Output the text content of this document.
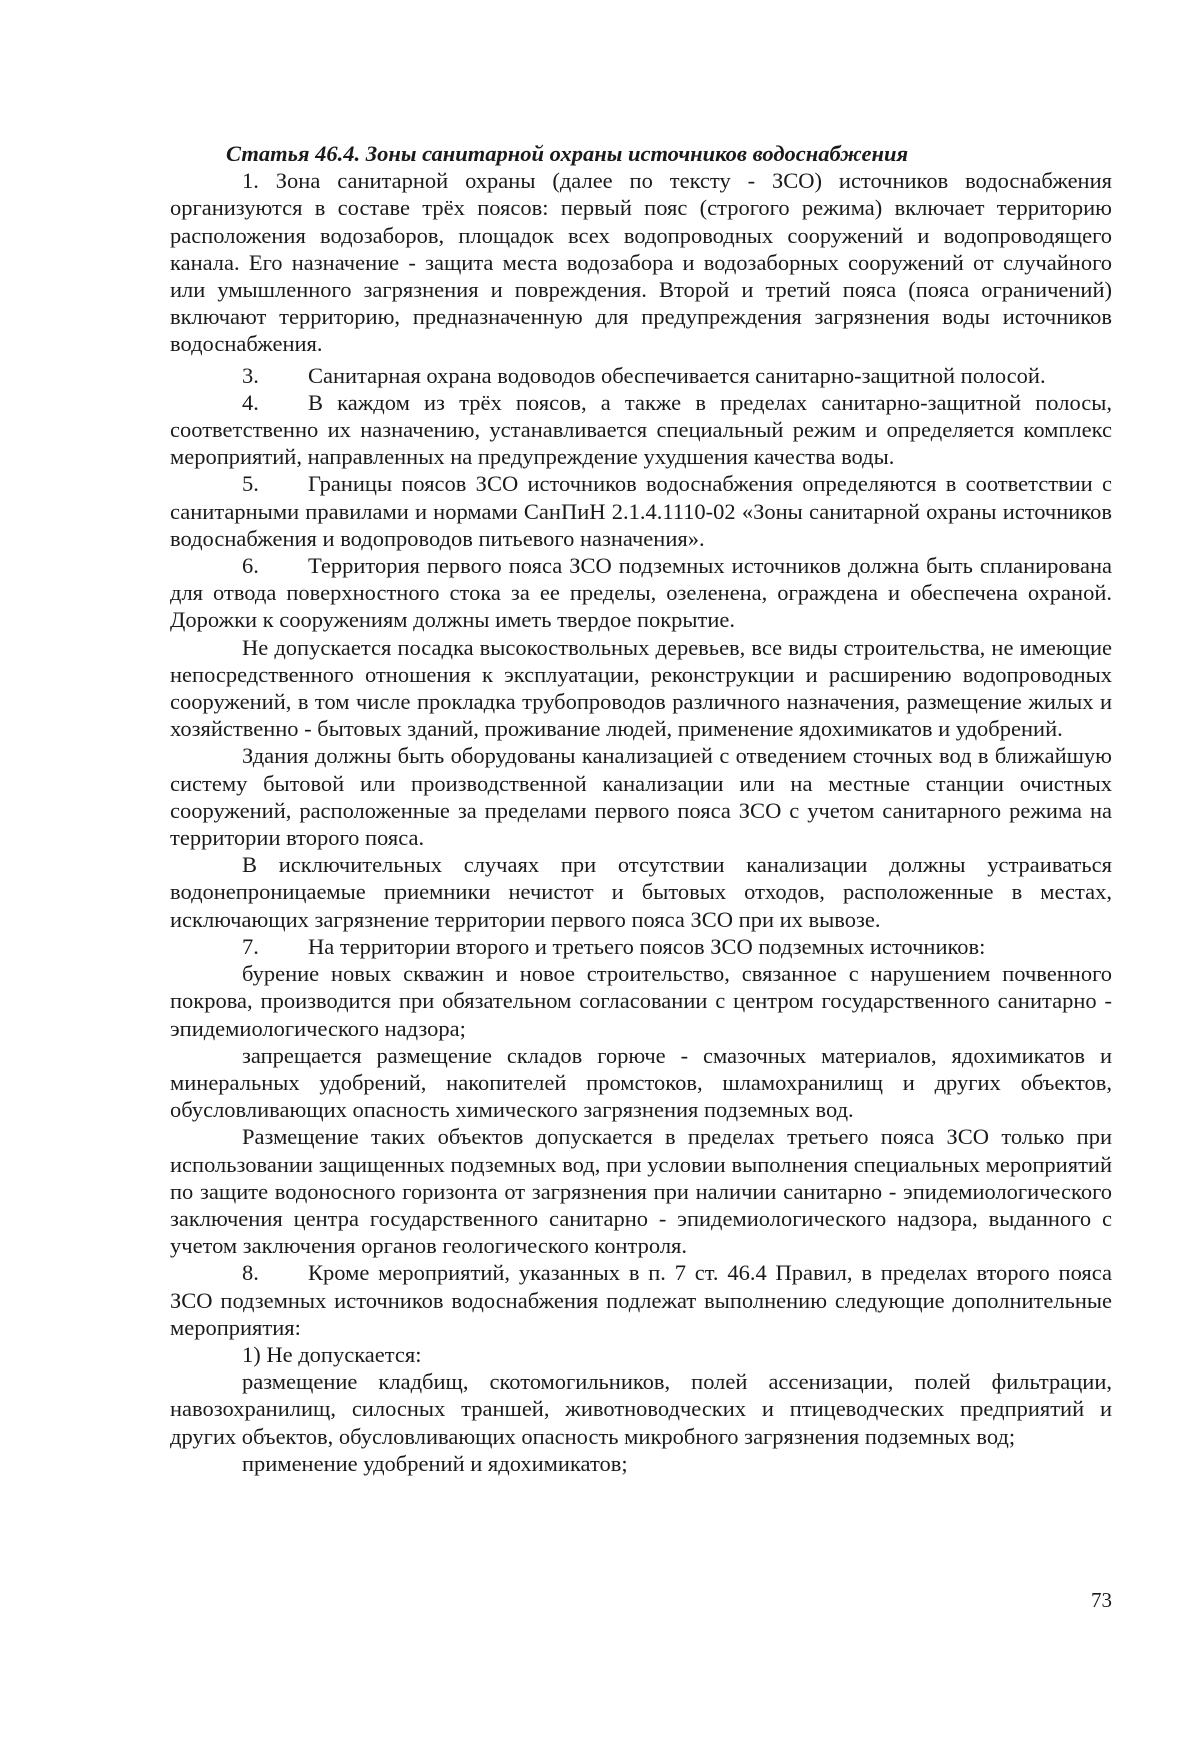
Статья 46.4. Зоны санитарной охраны источников водоснабжения

1. Зона санитарной охраны (далее по тексту - ЗСО) источников водоснабжения организуются в составе трёх поясов: первый пояс (строгого режима) включает территорию расположения водозаборов, площадок всех водопроводных сооружений и водопроводящего канала. Его назначение - защита места водозабора и водозаборных сооружений от случайного или умышленного загрязнения и повреждения. Второй и третий пояса (пояса ограничений) включают территорию, предназначенную для предупреждения загрязнения воды источников водоснабжения.

3. Санитарная охрана водоводов обеспечивается санитарно-защитной полосой.

4. В каждом из трёх поясов, а также в пределах санитарно-защитной полосы, соответственно их назначению, устанавливается специальный режим и определяется комплекс мероприятий, направленных на предупреждение ухудшения качества воды.

5. Границы поясов ЗСО источников водоснабжения определяются в соответствии с санитарными правилами и нормами СанПиН 2.1.4.1110-02 «Зоны санитарной охраны источников водоснабжения и водопроводов питьевого назначения».

6. Территория первого пояса ЗСО подземных источников должна быть спланирована для отвода поверхностного стока за ее пределы, озеленена, ограждена и обеспечена охраной. Дорожки к сооружениям должны иметь твердое покрытие.

Не допускается посадка высокоствольных деревьев, все виды строительства, не имеющие непосредственного отношения к эксплуатации, реконструкции и расширению водопроводных сооружений, в том числе прокладка трубопроводов различного назначения, размещение жилых и хозяйственно - бытовых зданий, проживание людей, применение ядохимикатов и удобрений.

Здания должны быть оборудованы канализацией с отведением сточных вод в ближайшую систему бытовой или производственной канализации или на местные станции очистных сооружений, расположенные за пределами первого пояса ЗСО с учетом санитарного режима на территории второго пояса.

В исключительных случаях при отсутствии канализации должны устраиваться водонепроницаемые приемники нечистот и бытовых отходов, расположенные в местах, исключающих загрязнение территории первого пояса ЗСО при их вывозе.

7. На территории второго и третьего поясов ЗСО подземных источников:

бурение новых скважин и новое строительство, связанное с нарушением почвенного покрова, производится при обязательном согласовании с центром государственного санитарно - эпидемиологического надзора;

запрещается размещение складов горюче - смазочных материалов, ядохимикатов и минеральных удобрений, накопителей промстоков, шламохранилищ и других объектов, обусловливающих опасность химического загрязнения подземных вод.

Размещение таких объектов допускается в пределах третьего пояса ЗСО только при использовании защищенных подземных вод, при условии выполнения специальных мероприятий по защите водоносного горизонта от загрязнения при наличии санитарно - эпидемиологического заключения центра государственного санитарно - эпидемиологического надзора, выданного с учетом заключения органов геологического контроля.

8. Кроме мероприятий, указанных в п. 7 ст. 46.4 Правил, в пределах второго пояса ЗСО подземных источников водоснабжения подлежат выполнению следующие дополнительные мероприятия:

1) Не допускается:

размещение кладбищ, скотомогильников, полей ассенизации, полей фильтрации, навозохранилищ, силосных траншей, животноводческих и птицеводческих предприятий и других объектов, обусловливающих опасность микробного загрязнения подземных вод;

применение удобрений и ядохимикатов;

73
